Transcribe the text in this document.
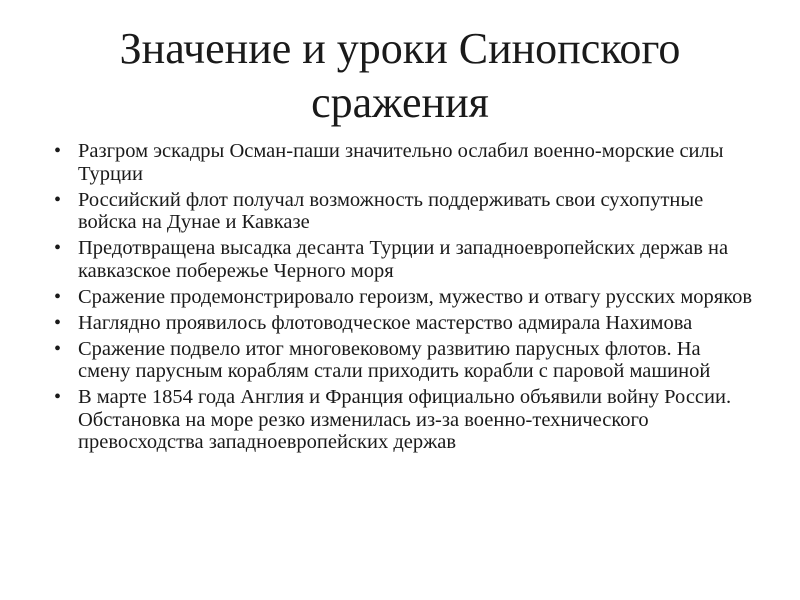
Значение и уроки Синопского
сражения
• Разгром эскадры Осман-паши значительно ослабил военно-морские силы Турции
• Российский флот получал возможность поддерживать свои сухопутные войска на Дунае и Кавказе
• Предотвращена высадка десанта Турции и западноевропейских держав на кавказское побережье Черного моря
• Сражение продемонстрировало героизм, мужество и отвагу русских моряков
• Наглядно проявилось флотоводческое мастерство адмирала Нахимова
• Сражение подвело итог многовековому развитию парусных флотов. На смену парусным кораблям стали приходить корабли с паровой машиной
• В марте 1854 года Англия и Франция официально объявили войну России. Обстановка на море резко изменилась из-за военно-технического превосходства западноевропейских держав
